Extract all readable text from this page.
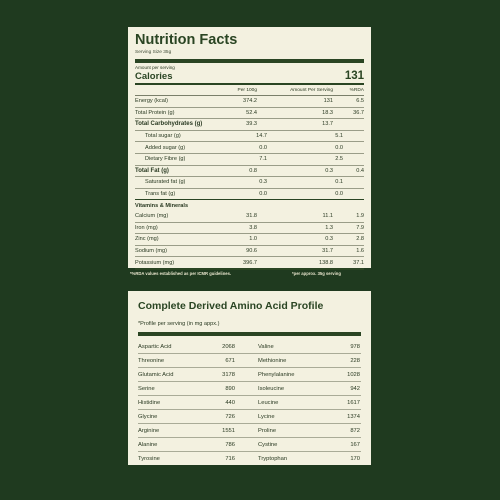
Nutrition Facts
Serving Size 35g
Amount per serving
Calories	131
Per 100g	Amount Per Serving	%RDA
Energy (kcal)	374.2	131	6.5
Total Protein (g)	52.4	18.3	36.7
Total Carbohydrates (g)	39.3	13.7
Total sugar (g)	14.7	5.1
Added sugar (g)	0.0	0.0
Dietary Fibre (g)	7.1	2.5
Total Fat (g)	0.8	0.3	0.4
Saturated fat (g)	0.3	0.1
Trans fat (g)	0.0	0.0
Vitamins & Minerals
Calcium (mg)	31.8	11.1	1.9
Iron (mg)	3.8	1.3	7.9
Zinc (mg)	1.0	0.3	2.8
Sodium (mg)	90.6	31.7	1.6
Potassium (mg)	396.7	138.8	37.1
*%RDA values established as per ICMR guidelines.	*per approx. 35g serving
Complete Derived Amino Acid Profile
*Profile per serving (in mg appx.)
Aspartic Acid	2068	Valine	978
Threonine	671	Methionine	228
Glutamic Acid	3178	Phenylalanine	1028
Serine	890	Isoleucine	942
Histidine	440	Leucine	1617
Glycine	726	Lycine	1374
Arginine	1551	Proline	872
Alanine	786	Cystine	167
Tyrosine	716	Tryptophan	170
